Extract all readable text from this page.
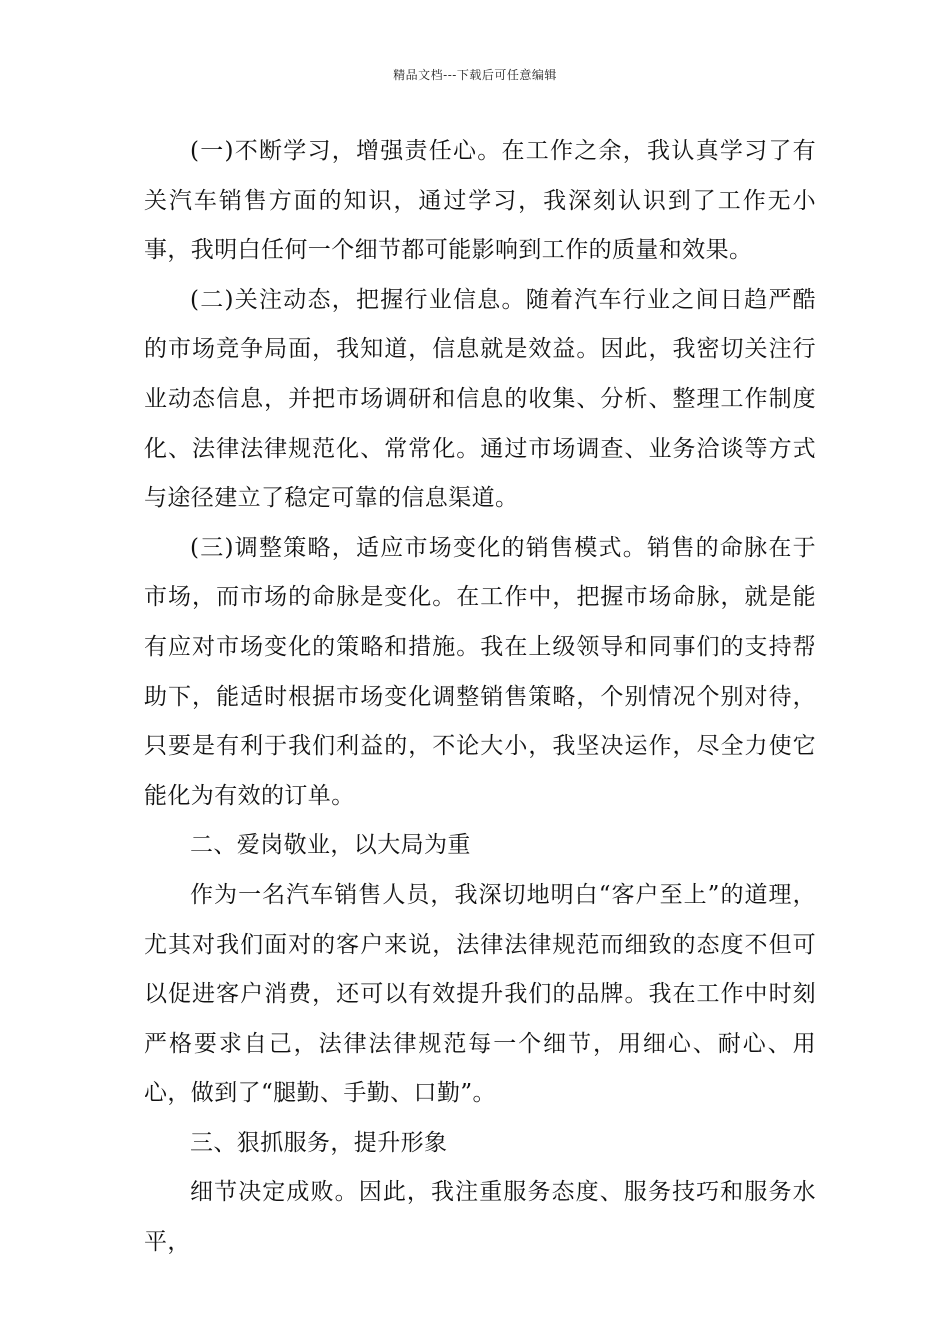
精品文档---下载后可任意编辑

(一)不断学习，增强责任心。在工作之余，我认真学习了有关汽车销售方面的知识，通过学习，我深刻认识到了工作无小事，我明白任何一个细节都可能影响到工作的质量和效果。

(二)关注动态，把握行业信息。随着汽车行业之间日趋严酷的市场竞争局面，我知道，信息就是效益。因此，我密切关注行业动态信息，并把市场调研和信息的收集、分析、整理工作制度化、法律法律规范化、常常化。通过市场调查、业务洽谈等方式与途径建立了稳定可靠的信息渠道。

(三)调整策略，适应市场变化的销售模式。销售的命脉在于市场，而市场的命脉是变化。在工作中，把握市场命脉，就是能有应对市场变化的策略和措施。我在上级领导和同事们的支持帮助下，能适时根据市场变化调整销售策略，个别情况个别对待，只要是有利于我们利益的，不论大小，我坚决运作，尽全力使它能化为有效的订单。

二、爱岗敬业，以大局为重

作为一名汽车销售人员，我深切地明白“客户至上”的道理，尤其对我们面对的客户来说，法律法律规范而细致的态度不但可以促进客户消费，还可以有效提升我们的品牌。我在工作中时刻严格要求自己，法律法律规范每一个细节，用细心、耐心、用心，做到了“腿勤、手勤、口勤”。

三、狠抓服务，提升形象

细节决定成败。因此，我注重服务态度、服务技巧和服务水平，
